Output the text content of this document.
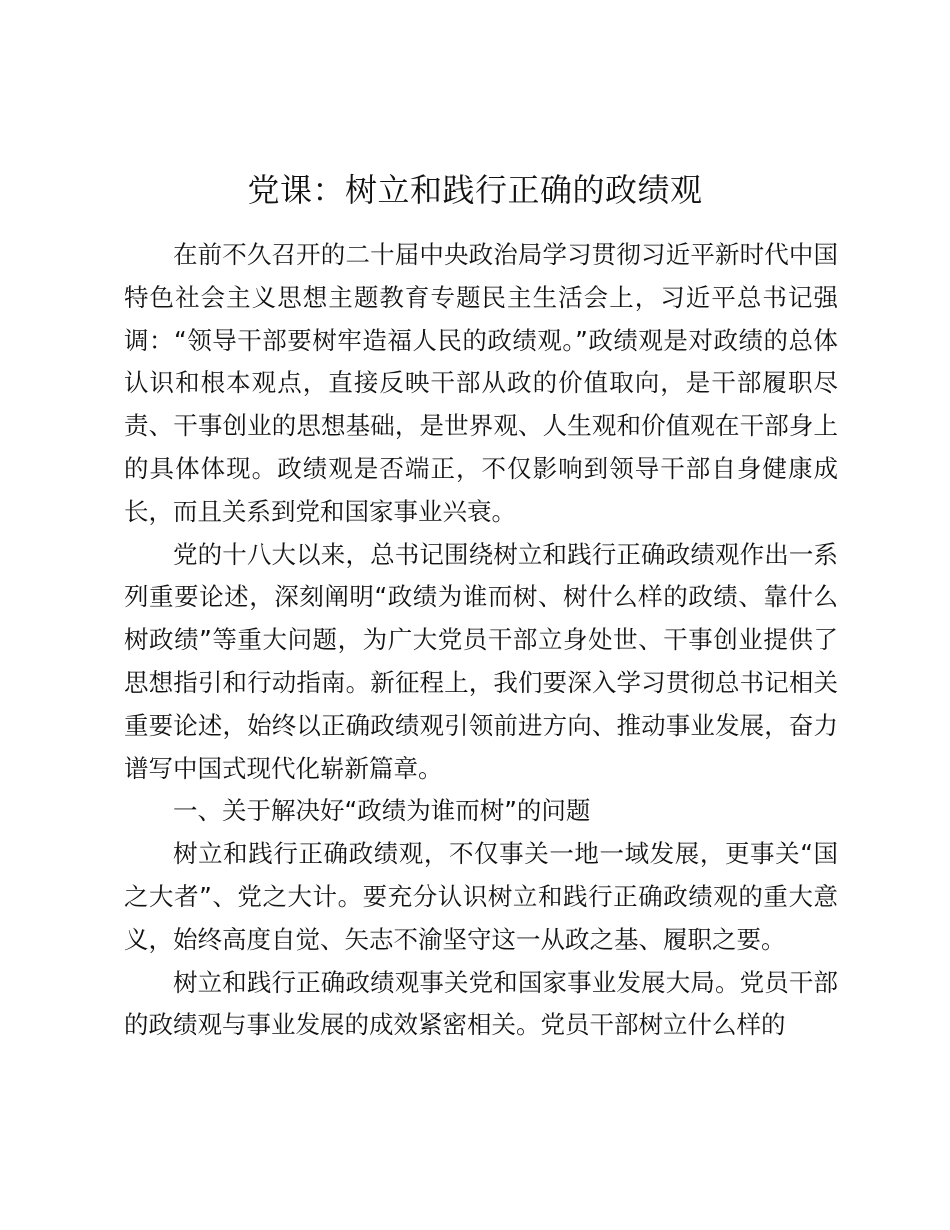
党课：树立和践行正确的政绩观

在前不久召开的二十届中央政治局学习贯彻习近平新时代中国特色社会主义思想主题教育专题民主生活会上，习近平总书记强调：“领导干部要树牢造福人民的政绩观。”政绩观是对政绩的总体认识和根本观点，直接反映干部从政的价值取向，是干部履职尽责、干事创业的思想基础，是世界观、人生观和价值观在干部身上的具体体现。政绩观是否端正，不仅影响到领导干部自身健康成长，而且关系到党和国家事业兴衰。

党的十八大以来，总书记围绕树立和践行正确政绩观作出一系列重要论述，深刻阐明“政绩为谁而树、树什么样的政绩、靠什么树政绩”等重大问题，为广大党员干部立身处世、干事创业提供了思想指引和行动指南。新征程上，我们要深入学习贯彻总书记相关重要论述，始终以正确政绩观引领前进方向、推动事业发展，奋力谱写中国式现代化崭新篇章。

一、关于解决好“政绩为谁而树”的问题

树立和践行正确政绩观，不仅事关一地一域发展，更事关“国之大者”、党之大计。要充分认识树立和践行正确政绩观的重大意义，始终高度自觉、矢志不渝坚守这一从政之基、履职之要。

树立和践行正确政绩观事关党和国家事业发展大局。党员干部的政绩观与事业发展的成效紧密相关。党员干部树立什么样的
